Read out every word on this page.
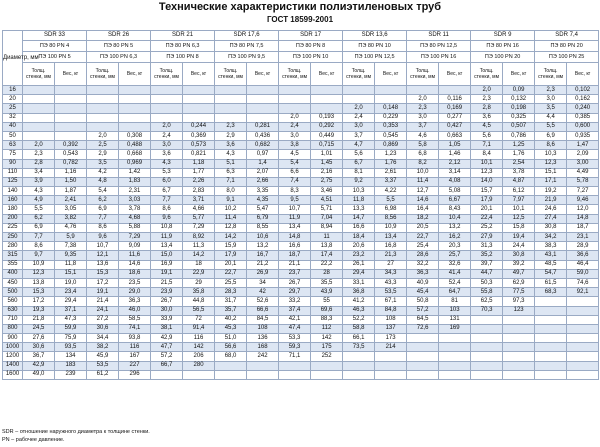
Технические характеристики полиэтиленовых труб
ГОСТ 18599-2001
Диаметр, мм	SDR 33		SDR 26		SDR 21		SDR 17,6		SDR 17		SDR 13,6		SDR 11		SDR 9		SDR 7,4	
	ПЭ 80 PN 4		ПЭ 80 PN 5		ПЭ 80 PN 6,3		ПЭ 80 PN 7,5		ПЭ 80 PN 8		ПЭ 80 PN 10		ПЭ 80 PN 12,5		ПЭ 80 PN 16		ПЭ 80 PN 20	
	ПЭ 100 PN 5		ПЭ 100 PN 6,3		ПЭ 100 PN 8		ПЭ 100 PN 9,5		ПЭ 100 PN 10		ПЭ 100 PN 12,5		ПЭ 100 PN 16		ПЭ 100 PN 20		ПЭ 100 PN 25	
	Толщ. стенки, мм	Вес, кг	Толщ. стенки, мм	Вес, кг	Толщ. стенки, мм	Вес, кг	Толщ. стенки, мм	Вес, кг	Толщ. стенки, мм	Вес, кг	Толщ. стенки, мм	Вес, кг	Толщ. стенки, мм	Вес, кг	Толщ. стенки, мм	Вес, кг	Толщ. стенки, мм	Вес, кг
16															2,0	0,09	2,3	0,102
20													2,0	0,116	2,3	0,132	3,0	0,162
25											2,0	0,148	2,3	0,169	2,8	0,198	3,5	0,240
32									2,0	0,193	2,4	0,229	3,0	0,277	3,6	0,325	4,4	0,385
40					2,0	0,244	2,3	0,281	2,4	0,292	3,0	0,353	3,7	0,427	4,5	0,507	5,5	0,600
50			2,0	0,308	2,4	0,369	2,9	0,436	3,0	0,449	3,7	0,545	4,6	0,663	5,6	0,786	6,9	0,935
63	2,0	0,392	2,5	0,488	3,0	0,573	3,6	0,682	3,8	0,715	4,7	0,869	5,8	1,05	7,1	1,25	8,6	1,47
75	2,3	0,543	2,9	0,668	3,6	0,821	4,3	0,97	4,5	1,01	5,6	1,23	6,8	1,46	8,4	1,76	10,3	2,09
90	2,8	0,782	3,5	0,969	4,3	1,18	5,1	1,4	5,4	1,45	6,7	1,76	8,2	2,12	10,1	2,54	12,3	3,00
110	3,4	1,16	4,2	1,42	5,3	1,77	6,3	2,07	6,6	2,16	8,1	2,61	10,0	3,14	12,3	3,78	15,1	4,49
125	3,9	1,50	4,8	1,83	6,0	2,26	7,1	2,66	7,4	2,75	9,2	3,37	11,4	4,08	14,0	4,87	17,1	5,78
140	4,3	1,87	5,4	2,31	6,7	2,83	8,0	3,35	8,3	3,46	10,3	4,22	12,7	5,08	15,7	6,12	19,2	7,27
160	4,9	2,41	6,2	3,03	7,7	3,71	9,1	4,35	9,5	4,51	11,8	5,5	14,6	6,67	17,9	7,97	21,9	9,46
180	5,5	3,05	6,9	3,78	8,6	4,66	10,2	5,47	10,7	5,71	13,3	6,98	16,4	8,43	20,1	10,1	24,6	12,0
200	6,2	3,82	7,7	4,68	9,6	5,77	11,4	6,79	11,9	7,04	14,7	8,56	18,2	10,4	22,4	12,5	27,4	14,8
225	6,9	4,76	8,6	5,88	10,8	7,29	12,8	8,55	13,4	8,94	16,6	10,9	20,5	13,2	25,2	15,8	30,8	18,7
250	7,7	5,9	9,6	7,29	11,9	8,92	14,2	10,6	14,8	11	18,4	13,4	22,7	16,2	27,9	19,4	34,2	23,1
280	8,6	7,38	10,7	9,09	13,4	11,3	15,9	13,2	16,6	13,8	20,6	16,8	25,4	20,3	31,3	24,4	38,3	28,9
315	9,7	9,35	12,1	11,6	15,0	14,2	17,9	16,7	18,7	17,4	23,2	21,3	28,6	25,7	35,2	30,8	43,1	36,6
355	10,9	11,8	13,6	14,6	16,9	18	20,1	21,2	21,1	22,2	26,1	27	32,2	32,6	39,7	39,2	48,5	46,4
400	12,3	15,1	15,3	18,6	19,1	22,9	22,7	26,9	23,7	28	29,4	34,3	36,3	41,4	44,7	49,7	54,7	59,0
450	13,8	19,0	17,2	23,5	21,5	29	25,5	34	26,7	35,5	33,1	43,3	40,9	52,4	50,3	62,9	61,5	74,6
500	15,3	23,4	19,1	29,0	23,9	35,8	28,3	42	29,7	43,9	36,8	53,5	45,4	64,7	55,8	77,5	68,3	92,1
560	17,2	29,4	21,4	36,3	26,7	44,8	31,7	52,6	33,2	55	41,2	67,1	50,8	81	62,5	97,3		
630	19,3	37,1	24,1	46,0	30,0	56,5	35,7	66,6	37,4	69,6	46,3	84,8	57,2	103	70,3	123		
710	21,8	47,3	27,2	58,5	33,9	72	40,2	84,5	42,1	88,3	52,2	108	64,5	131				
800	24,5	59,9	30,6	74,1	38,1	91,4	45,3	108	47,4	112	58,8	137	72,6	169				
900	27,6	75,9	34,4	93,8	42,9	116	51,0	136	53,3	142	66,1	173						
1000	30,6	93,5	38,2	116	47,7	142	56,6	168	59,3	175	73,5	214						
1200	36,7	134	45,9	167	57,2	206	68,0	242	71,1	252								
1400	42,9	183	53,5	227	66,7	280												
1600	49,0	239	61,2	296														
SDR – отношение наружного диаметра к толщине стенки.
PN – рабочее давление.
